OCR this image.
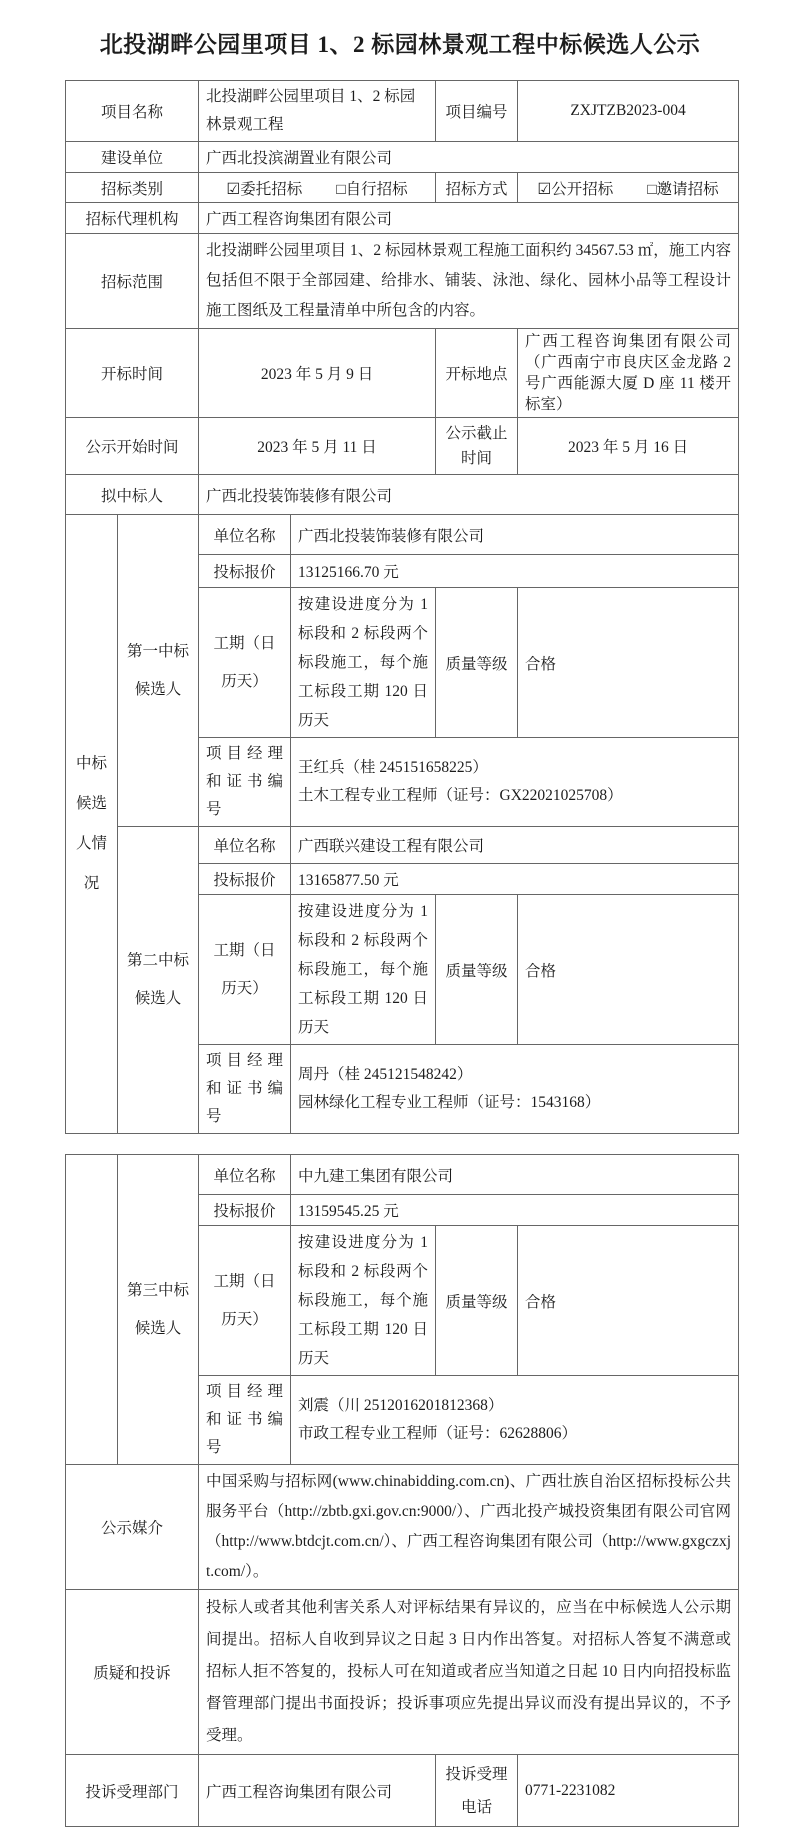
北投湖畔公园里项目 1、2 标园林景观工程中标候选人公示
项目名称		北投湖畔公园里项目 1、2 标园林景观工程		项目编号	ZXJTZB2023-004
建设单位		广西北投滨湖置业有限公司			
招标类别		☑委托招标 □自行招标		招标方式	☑公开招标 □邀请招标
招标代理机构		广西工程咨询集团有限公司			
招标范围		北投湖畔公园里项目 1、2 标园林景观工程施工面积约 34567.53 ㎡，施工内容包括但不限于全部园建、给排水、铺装、泳池、绿化、园林小品等工程设计施工图纸及工程量清单中所包含的内容。			
开标时间		2023 年 5 月 9 日		开标地点	广西工程咨询集团有限公司（广西南宁市良庆区金龙路 2 号广西能源大厦 D 座 11 楼开标室）
公示开始时间		2023 年 5 月 11 日		公示截止时间	2023 年 5 月 16 日
拟中标人		广西北投装饰装修有限公司			
中标候选人情况	第一中标候选人	单位名称	广西北投装饰装修有限公司		
		投标报价	13125166.70 元		
		工期（日历天）	按建设进度分为 1 标段和 2 标段两个标段施工，每个施工标段工期 120 日历天	质量等级	合格
		项目经理和证书编号	王红兵（桂 245151658225）
土木工程专业工程师（证号：GX22021025708）		

	第二中标候选人	单位名称	广西联兴建设工程有限公司		
		投标报价	13165877.50 元		
		工期（日历天）	按建设进度分为 1 标段和 2 标段两个标段施工，每个施工标段工期 120 日历天	质量等级	合格
		项目经理和证书编号	周丹（桂 245121548242）
园林绿化工程专业工程师（证号：1543168）		
	第三中标候选人	单位名称	中九建工集团有限公司		
		投标报价	13159545.25 元		
		工期（日历天）	按建设进度分为 1 标段和 2 标段两个标段施工，每个施工标段工期 120 日历天	质量等级	合格
		项目经理和证书编号	刘震（川 2512016201812368）
市政工程专业工程师（证号：62628806）		

公示媒介		中国采购与招标网(www.chinabidding.com.cn)、广西壮族自治区招标投标公共服务平台（http://zbtb.gxi.gov.cn:9000/）、广西北投产城投资集团有限公司官网（http://www.btdcjt.com.cn/）、广西工程咨询集团有限公司（http://www.gxgczxjt.com/）。			
质疑和投诉		投标人或者其他利害关系人对评标结果有异议的，应当在中标候选人公示期间提出。招标人自收到异议之日起 3 日内作出答复。对招标人答复不满意或招标人拒不答复的，投标人可在知道或者应当知道之日起 10 日内向招投标监督管理部门提出书面投诉；投诉事项应先提出异议而没有提出异议的，不予受理。			
投诉受理部门		广西工程咨询集团有限公司		投诉受理电话	0771-2231082
